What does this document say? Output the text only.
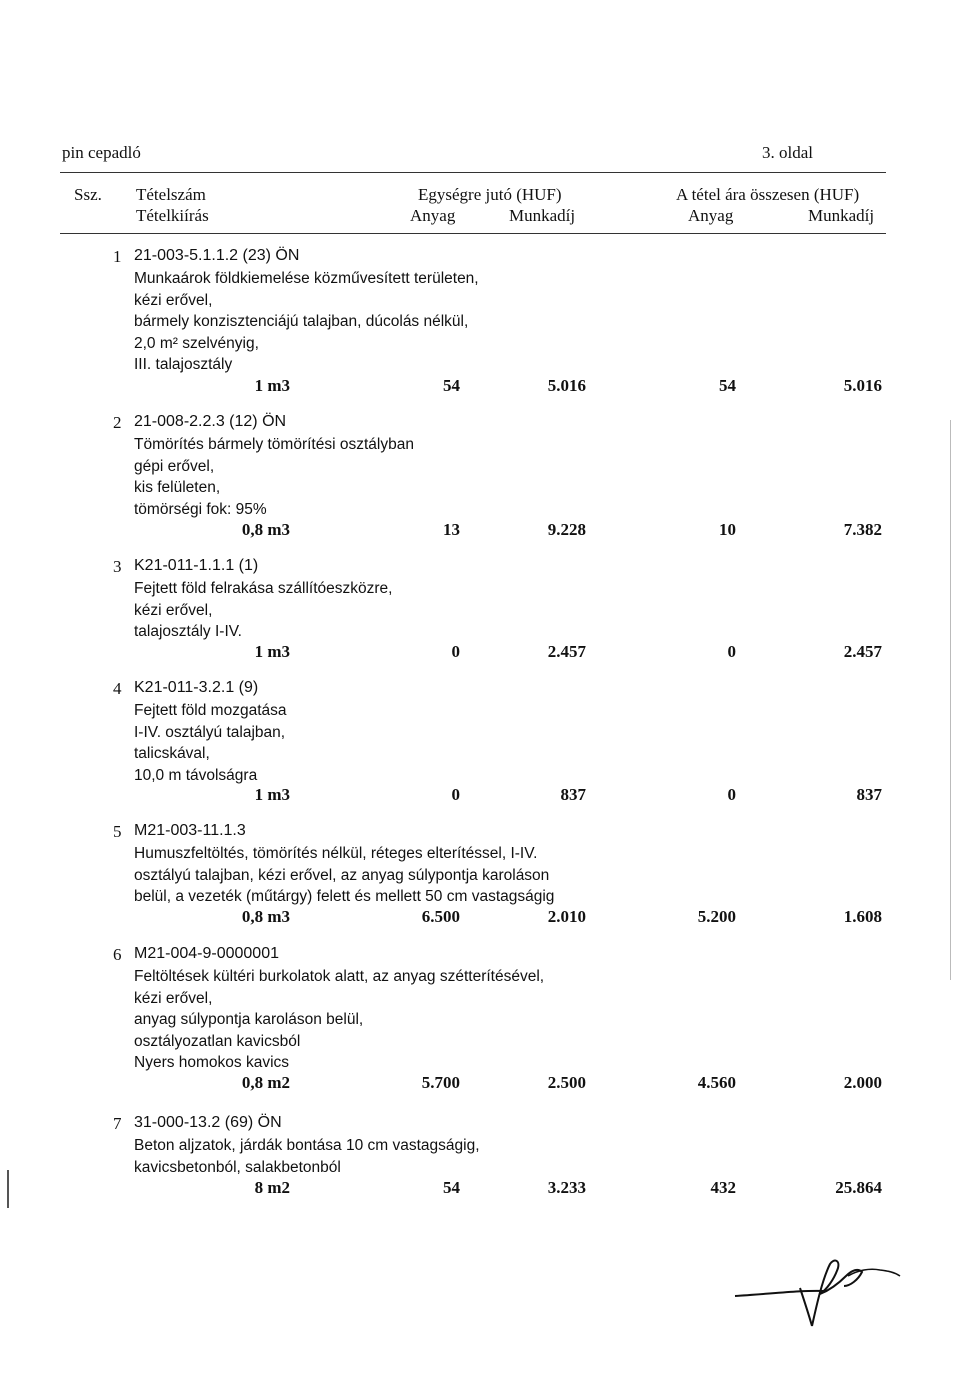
pin cepadló	3. oldal
Ssz. Tételszám
Tételkiírás
Egységre jutó (HUF)	A tétel ára összesen (HUF)
Anyag	Munkadíj	Anyag	Munkadíj
1 21-003-5.1.1.2 (23) ÖN
Munkaárok földkiemelése közművesített területen,
kézi erővel,
bármely konzisztenciájú talajban, dúcolás nélkül,
2,0 m² szelvényig,
III. talajosztály
1 m3	54	5.016	54	5.016
2 21-008-2.2.3 (12) ÖN
Tömörítés bármely tömörítési osztályban
gépi erővel,
kis felületen,
tömörségi fok: 95%
0,8 m3	13	9.228	10	7.382
3 K21-011-1.1.1 (1)
Fejtett föld felrakása szállítóeszközre,
kézi erővel,
talajosztály I-IV.
1 m3	0	2.457	0	2.457
4 K21-011-3.2.1 (9)
Fejtett föld mozgatása
I-IV. osztályú talajban,
talicskával,
10,0 m távolságra
1 m3	0	837	0	837
5 M21-003-11.1.3
Humuszfeltöltés, tömörítés nélkül, réteges elterítéssel, I-IV.
osztályú talajban, kézi erővel, az anyag súlypontja karoláson
belül, a vezeték (műtárgy) felett és mellett 50 cm vastagságig
0,8 m3	6.500	2.010	5.200	1.608
6 M21-004-9-0000001
Feltöltések kültéri burkolatok alatt, az anyag szétterítésével,
kézi erővel,
anyag súlypontja karoláson belül,
osztályozatlan kavicsból
Nyers homokos kavics
0,8 m2	5.700	2.500	4.560	2.000
7 31-000-13.2 (69) ÖN
Beton aljzatok, járdák bontása 10 cm vastagságig,
kavicsbetonból, salakbetonból
8 m2	54	3.233	432	25.864
